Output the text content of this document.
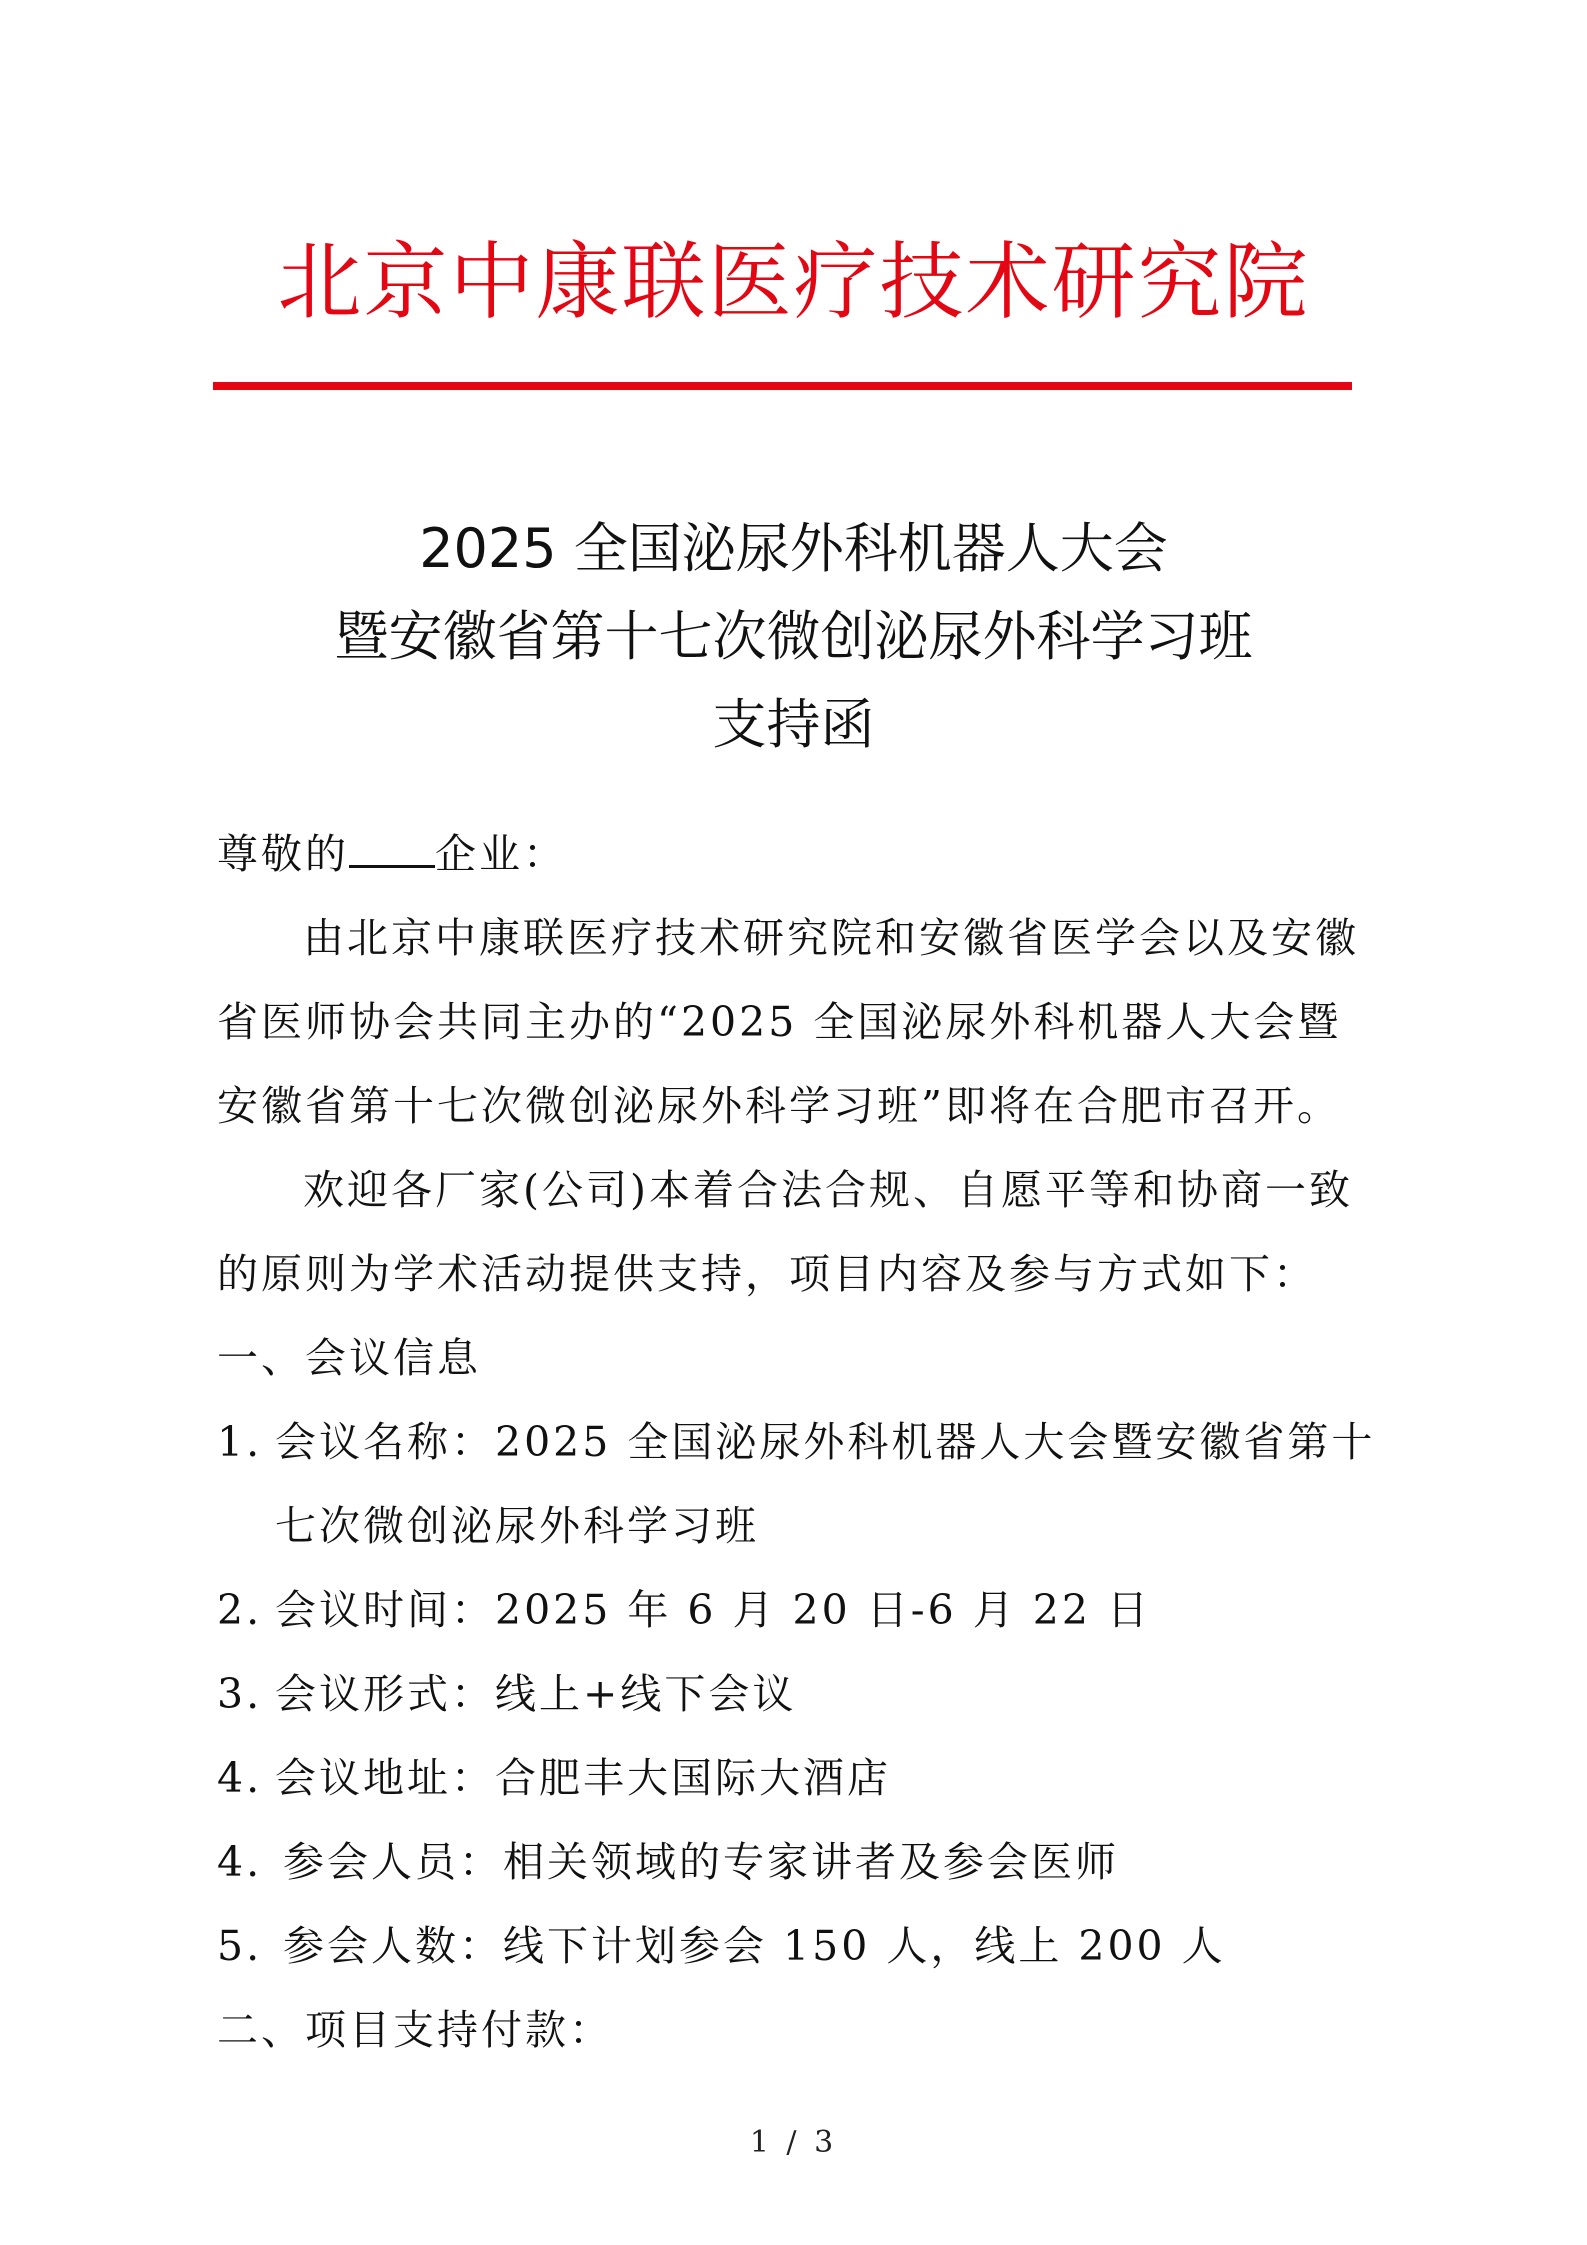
北京中康联医疗技术研究院
2025 全国泌尿外科机器人大会
暨安徽省第十七次微创泌尿外科学习班
支持函

尊敬的 企业：

由北京中康联医疗技术研究院和安徽省医学会以及安徽省医师协会共同主办的“2025 全国泌尿外科机器人大会暨安徽省第十七次微创泌尿外科学习班”即将在合肥市召开。

欢迎各厂家(公司)本着合法合规、自愿平等和协商一致的原则为学术活动提供支持，项目内容及参与方式如下：

一、会议信息

1. 会议名称：2025 全国泌尿外科机器人大会暨安徽省第十七次微创泌尿外科学习班
2. 会议时间：2025 年 6 月 20 日-6 月 22 日
3. 会议形式：线上+线下会议
4. 会议地址：合肥丰大国际大酒店
4. 参会人员：相关领域的专家讲者及参会医师
5. 参会人数：线下计划参会 150 人，线上 200 人

二、项目支持付款：

1 / 3
